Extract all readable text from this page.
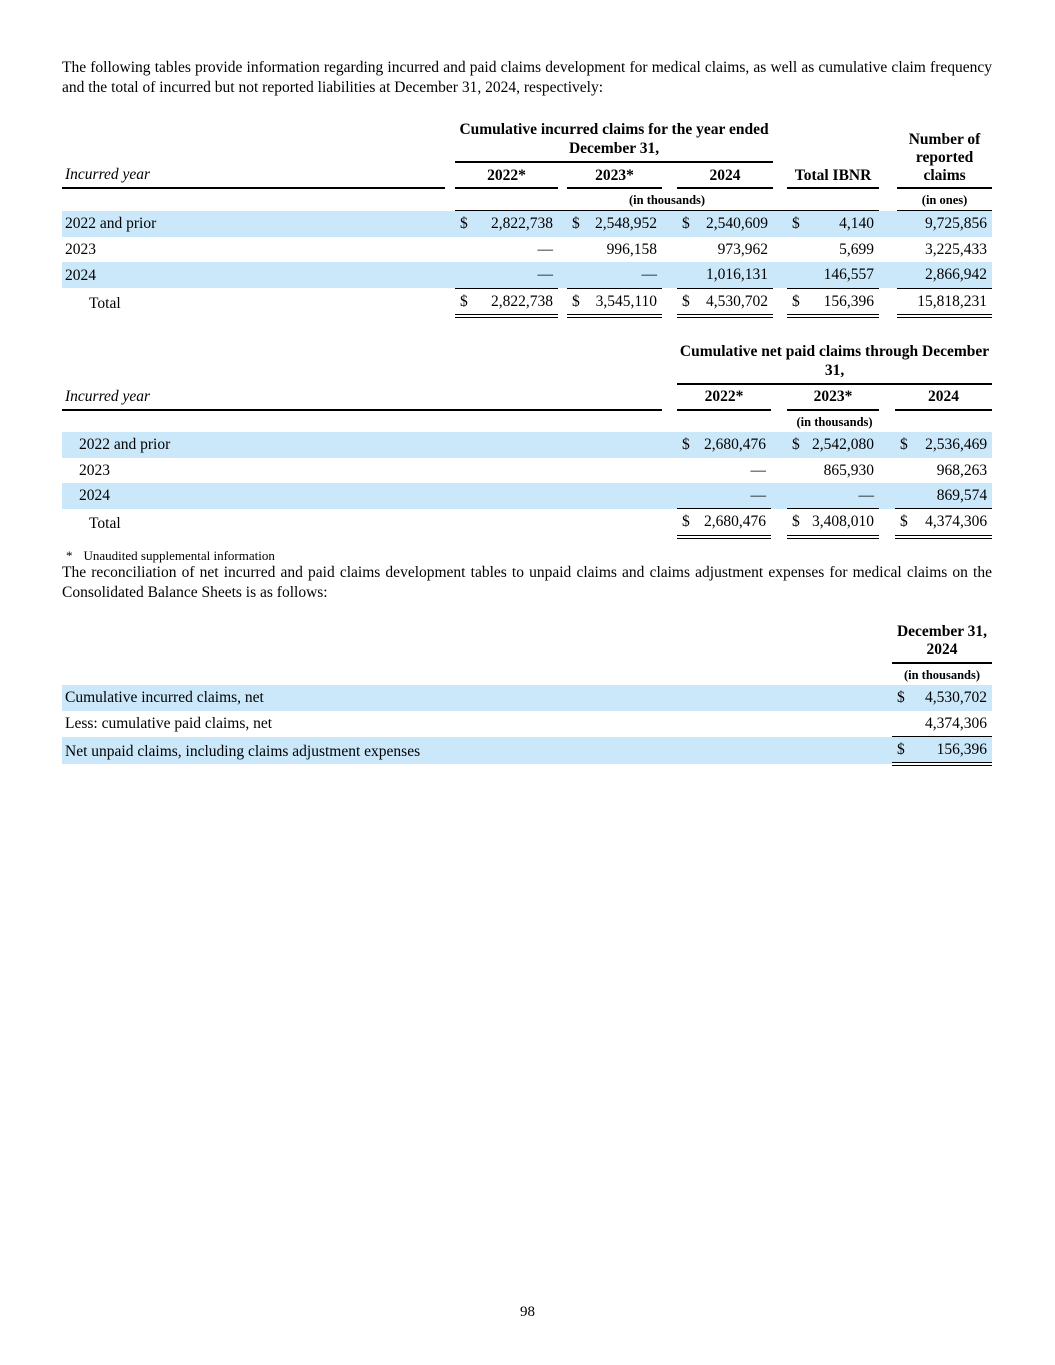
The following tables provide information regarding incurred and paid claims development for medical claims, as well as cumulative claim frequency and the total of incurred but not reported liabilities at December 31, 2024, respectively:

		Cumulative incurred claims for the year ended December 31,						Total IBNR		Number of reported claims
Incurred year		2022*		2023*		2024				
		(in thousands)								(in ones)
2022 and prior		$ 2,822,738		$ 2,548,952		$ 2,540,609		$ 4,140		9,725,856

2023		—		996,158		973,962		5,699		3,225,433

2024		—		—		1,016,131		146,557		2,866,942

Total		$ 2,822,738		$ 3,545,110		$ 4,530,702		$ 156,396		15,818,231
		Cumulative net paid claims through December 31,				
Incurred year		2022*		2023*		2024
		(in thousands)				
2022 and prior		$ 2,680,476		$ 2,542,080		$ 2,536,469

2023		—		865,930		968,263

2024		—		—		869,574

Total		$ 2,680,476		$ 3,408,010		$ 4,374,306
* Unaudited supplemental information

The reconciliation of net incurred and paid claims development tables to unpaid claims and claims adjustment expenses for medical claims on the Consolidated Balance Sheets is as follows:

	December 31, 2024
	(in thousands)
Cumulative incurred claims, net	$ 4,530,702

Less: cumulative paid claims, net	4,374,306

Net unpaid claims, including claims adjustment expenses	$ 156,396
98
